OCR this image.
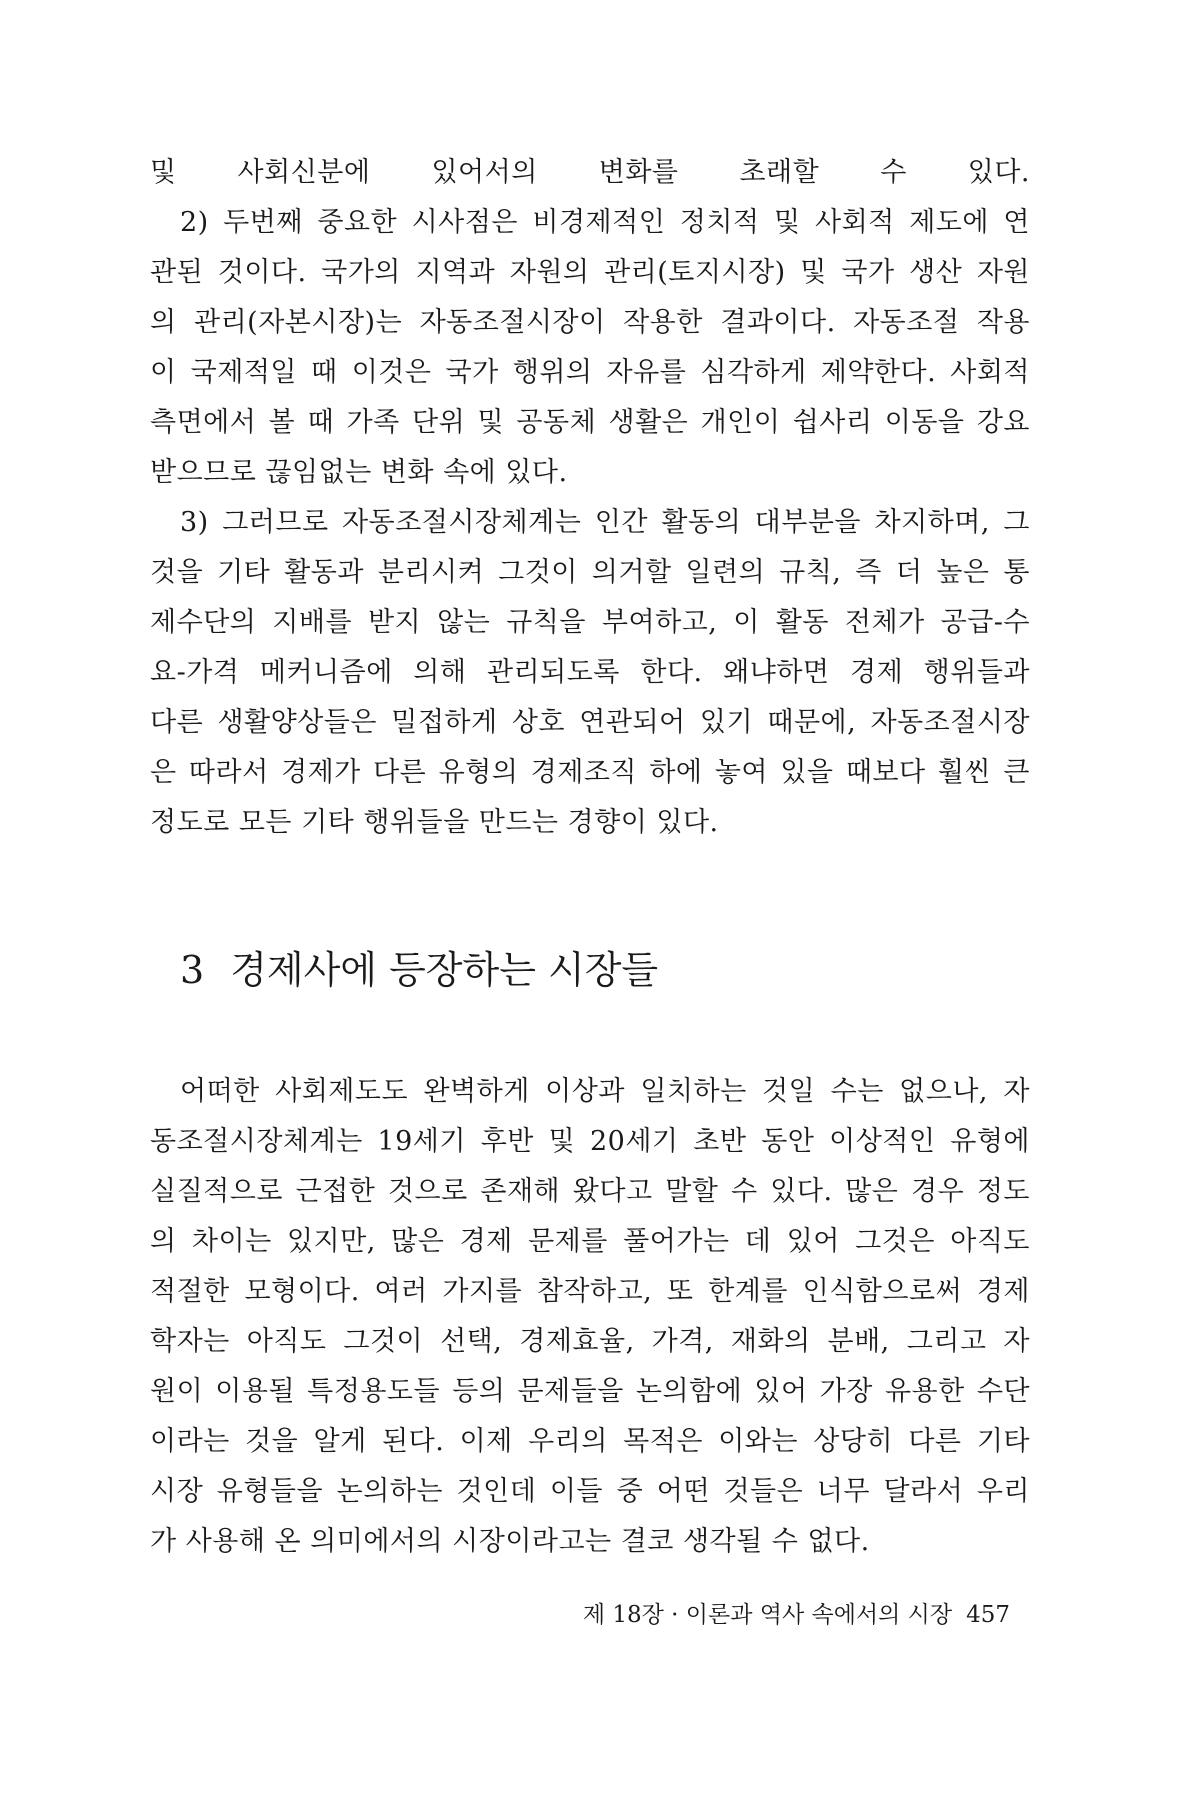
및 사회신분에 있어서의 변화를 초래할 수 있다.
2) 두번째 중요한 시사점은 비경제적인 정치적 및 사회적 제도에 연
관된 것이다. 국가의 지역과 자원의 관리(토지시장) 및 국가 생산 자원
의 관리(자본시장)는 자동조절시장이 작용한 결과이다. 자동조절 작용
이 국제적일 때 이것은 국가 행위의 자유를 심각하게 제약한다. 사회적
측면에서 볼 때 가족 단위 및 공동체 생활은 개인이 쉽사리 이동을 강요
받으므로 끊임없는 변화 속에 있다.
3) 그러므로 자동조절시장체계는 인간 활동의 대부분을 차지하며, 그
것을 기타 활동과 분리시켜 그것이 의거할 일련의 규칙, 즉 더 높은 통
제수단의 지배를 받지 않는 규칙을 부여하고, 이 활동 전체가 공급-수
요-가격 메커니즘에 의해 관리되도록 한다. 왜냐하면 경제 행위들과
다른 생활양상들은 밀접하게 상호 연관되어 있기 때문에, 자동조절시장
은 따라서 경제가 다른 유형의 경제조직 하에 놓여 있을 때보다 훨씬 큰
정도로 모든 기타 행위들을 만드는 경향이 있다.
3 경제사에 등장하는 시장들
어떠한 사회제도도 완벽하게 이상과 일치하는 것일 수는 없으나, 자
동조절시장체계는 19세기 후반 및 20세기 초반 동안 이상적인 유형에
실질적으로 근접한 것으로 존재해 왔다고 말할 수 있다. 많은 경우 정도
의 차이는 있지만, 많은 경제 문제를 풀어가는 데 있어 그것은 아직도
적절한 모형이다. 여러 가지를 참작하고, 또 한계를 인식함으로써 경제
학자는 아직도 그것이 선택, 경제효율, 가격, 재화의 분배, 그리고 자
원이 이용될 특정용도들 등의 문제들을 논의함에 있어 가장 유용한 수단
이라는 것을 알게 된다. 이제 우리의 목적은 이와는 상당히 다른 기타
시장 유형들을 논의하는 것인데 이들 중 어떤 것들은 너무 달라서 우리
가 사용해 온 의미에서의 시장이라고는 결코 생각될 수 없다.
제 18장 · 이론과 역사 속에서의 시장 457
